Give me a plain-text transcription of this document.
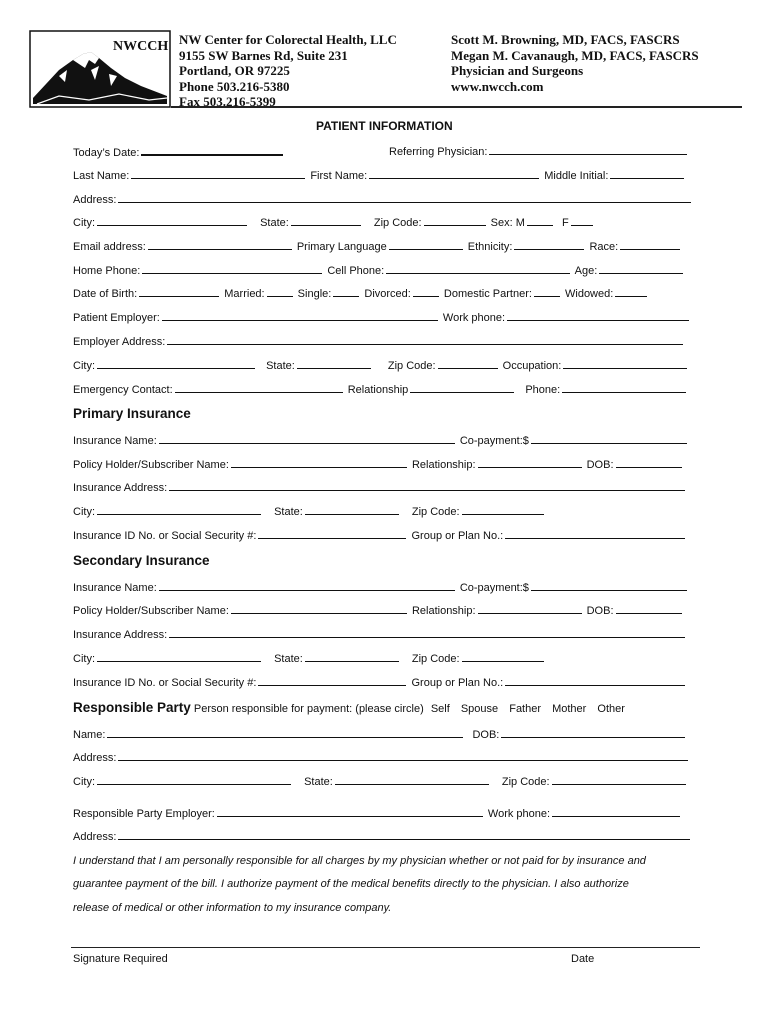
NWCCH NW Center for Colorectal Health, LLC
9155 SW Barnes Rd, Suite 231
Portland, OR 97225
Phone 503.216-5380
Fax 503.216-5399
Scott M. Browning, MD, FACS, FASCRS
Megan M. Cavanaugh, MD, FACS, FASCRS
Physician and Surgeons
www.nwcch.com
PATIENT INFORMATION
Today’s Date:	Referring Physician:
Last Name:	First Name:	Middle Initial:
Address:
City:	State:	Zip Code:	Sex: M	F
Email address:	Primary Language	Ethnicity:	Race:
Home Phone:	Cell Phone:	Age:
Date of Birth:	Married:	Single:	Divorced:	Domestic Partner:	Widowed:
Patient Employer:	Work phone:
Employer Address:
City:	State:	Zip Code:	Occupation:
Emergency Contact:	Relationship	Phone:
Primary Insurance
Insurance Name:	Co-payment:$
Policy Holder/Subscriber Name:	Relationship:	DOB:
Insurance Address:
City:	State:	Zip Code:
Insurance ID No. or Social Security #:	Group or Plan No.:
Secondary Insurance
Insurance Name:	Co-payment:$
Policy Holder/Subscriber Name:	Relationship:	DOB:
Insurance Address:
City:	State:	Zip Code:
Insurance ID No. or Social Security #:	Group or Plan No.:
Responsible Party Person responsible for payment: (please circle) Self Spouse Father Mother Other
Name:	DOB:
Address:
City:	State:	Zip Code:
Responsible Party Employer:	Work phone:
Address:
I understand that I am personally responsible for all charges by my physician whether or not paid for by insurance and
guarantee payment of the bill. I authorize payment of the medical benefits directly to the physician. I also authorize
release of medical or other information to my insurance company.
Signature Required	Date
